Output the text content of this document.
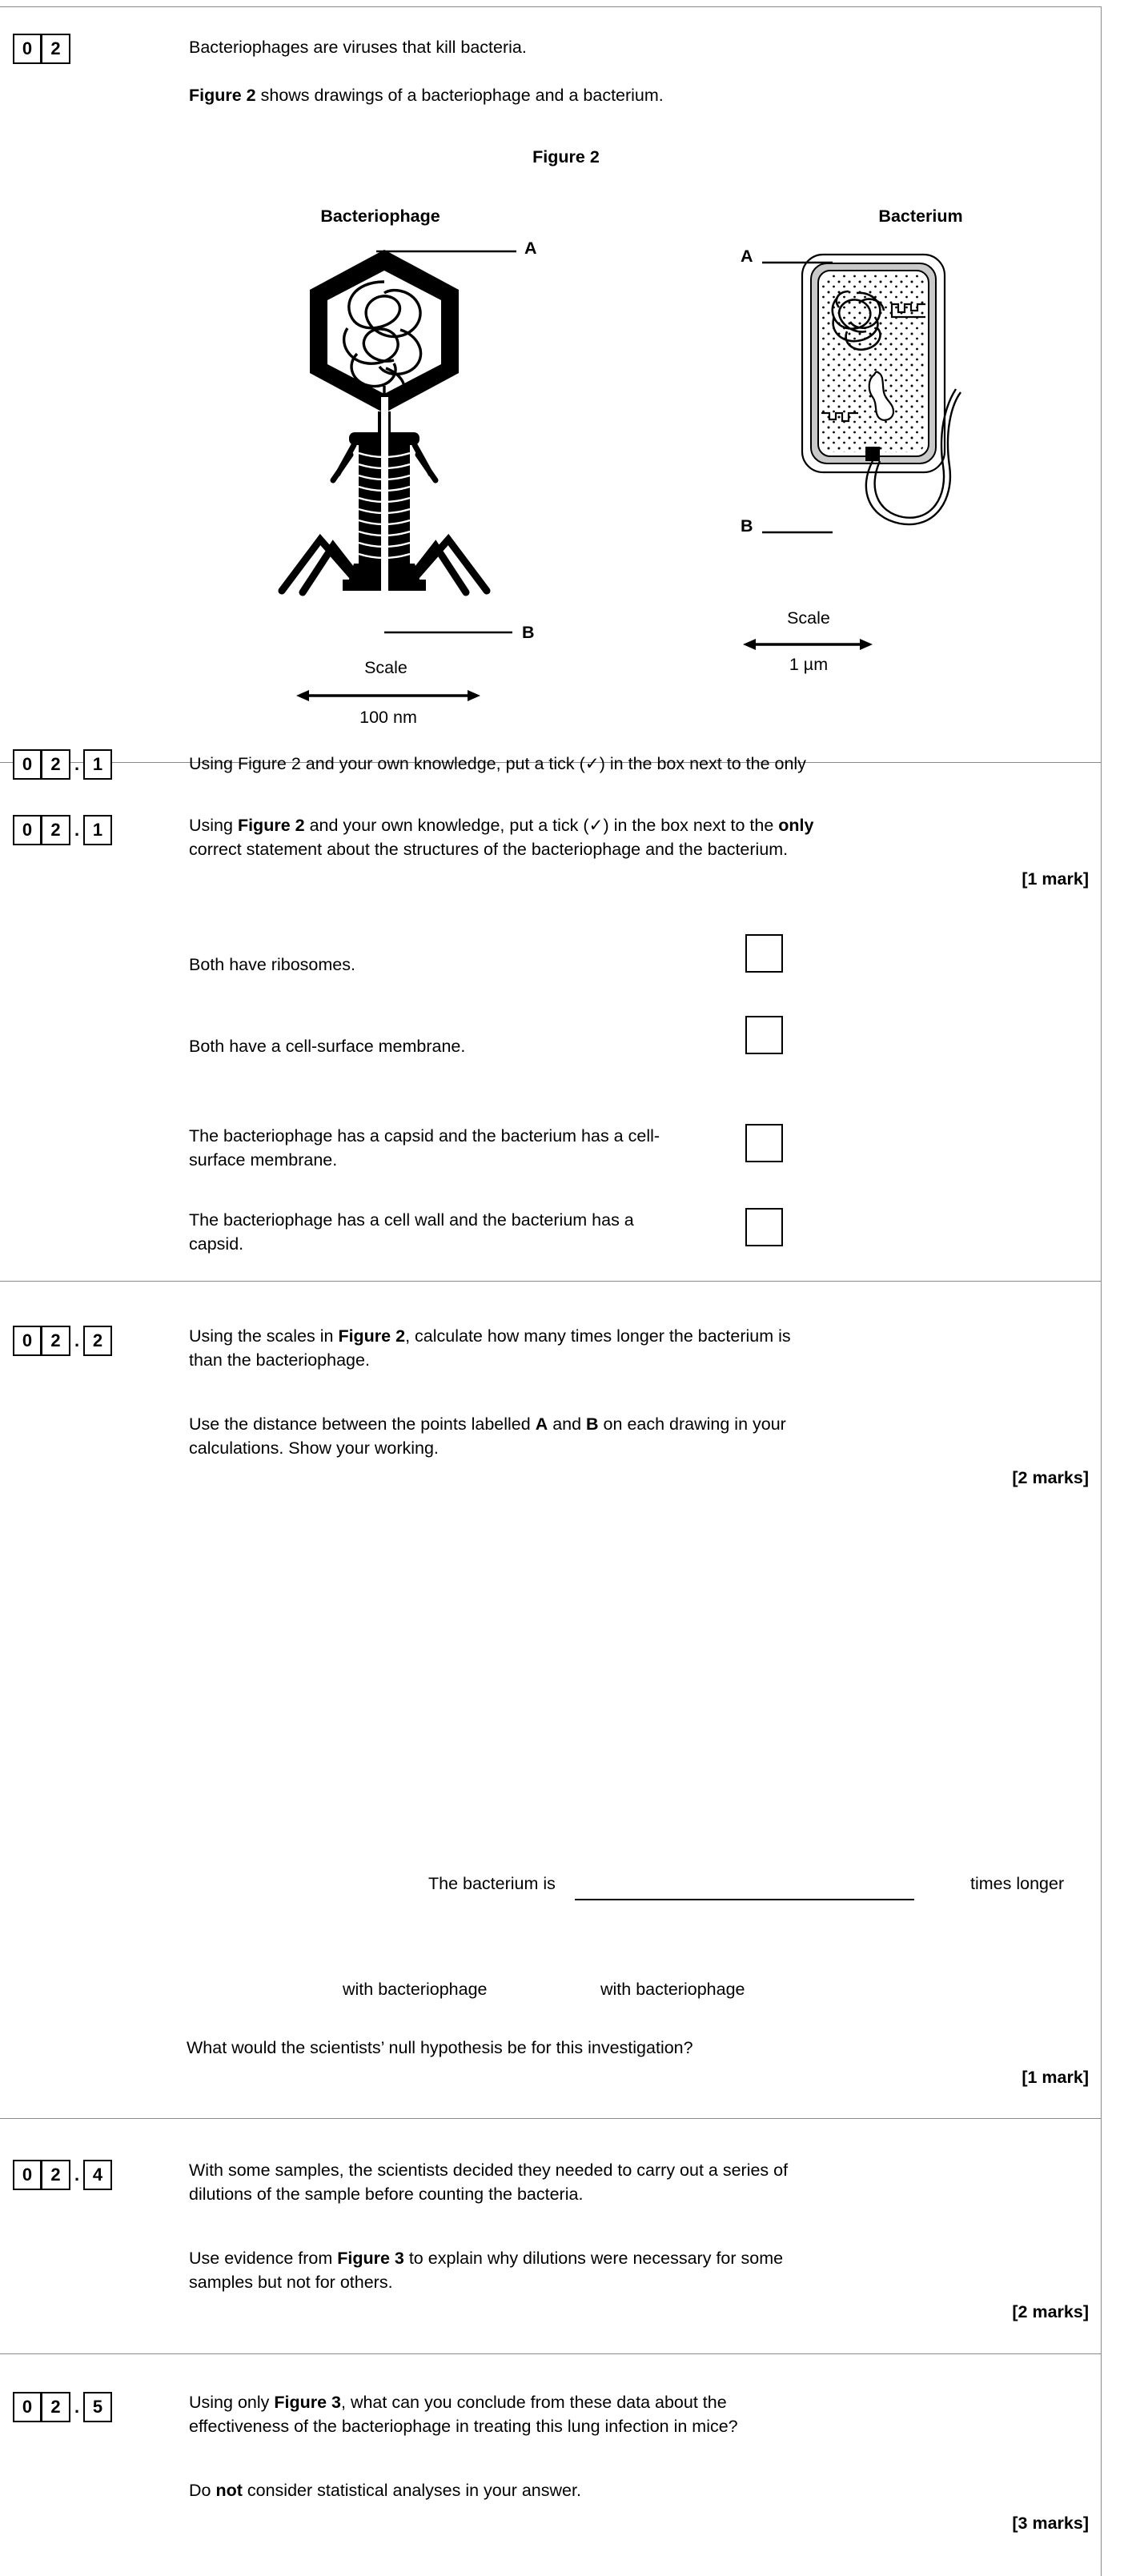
0	2	Bacteriophages are viruses that kill bacteria.
Figure 2 shows drawings of a bacteriophage and a bacterium.
Figure 2
Bacteriophage
A
B
Scale
100 nm
Bacterium
A
B
Scale
1 µm
0	2 . 1	Using Figure 2 and your own knowledge, put a tick (✓) in the box next to the only
0	2 . 1	Using Figure 2 and your own knowledge, put a tick (✓) in the box next to the only
correct statement about the structures of the bacteriophage and the bacterium.
[1 mark]
Both have ribosomes.
Both have a cell-surface membrane.
The bacteriophage has a capsid and the bacterium has a cell-surface membrane.
The bacteriophage has a cell wall and the bacterium has a capsid.
0	2 . 2	Using the scales in Figure 2, calculate how many times longer the bacterium is
than the bacteriophage.
Use the distance between the points labelled A and B on each drawing in your
calculations. Show your working.
[2 marks]
The bacterium is	times longer
with bacteriophage	with bacteriophage
What would the scientists’ null hypothesis be for this investigation?
[1 mark]
0	2 . 4	With some samples, the scientists decided they needed to carry out a series of
dilutions of the sample before counting the bacteria.
Use evidence from Figure 3 to explain why dilutions were necessary for some
samples but not for others.
[2 marks]
0	2 . 5	Using only Figure 3, what can you conclude from these data about the
effectiveness of the bacteriophage in treating this lung infection in mice?
Do not consider statistical analyses in your answer.
[3 marks]
